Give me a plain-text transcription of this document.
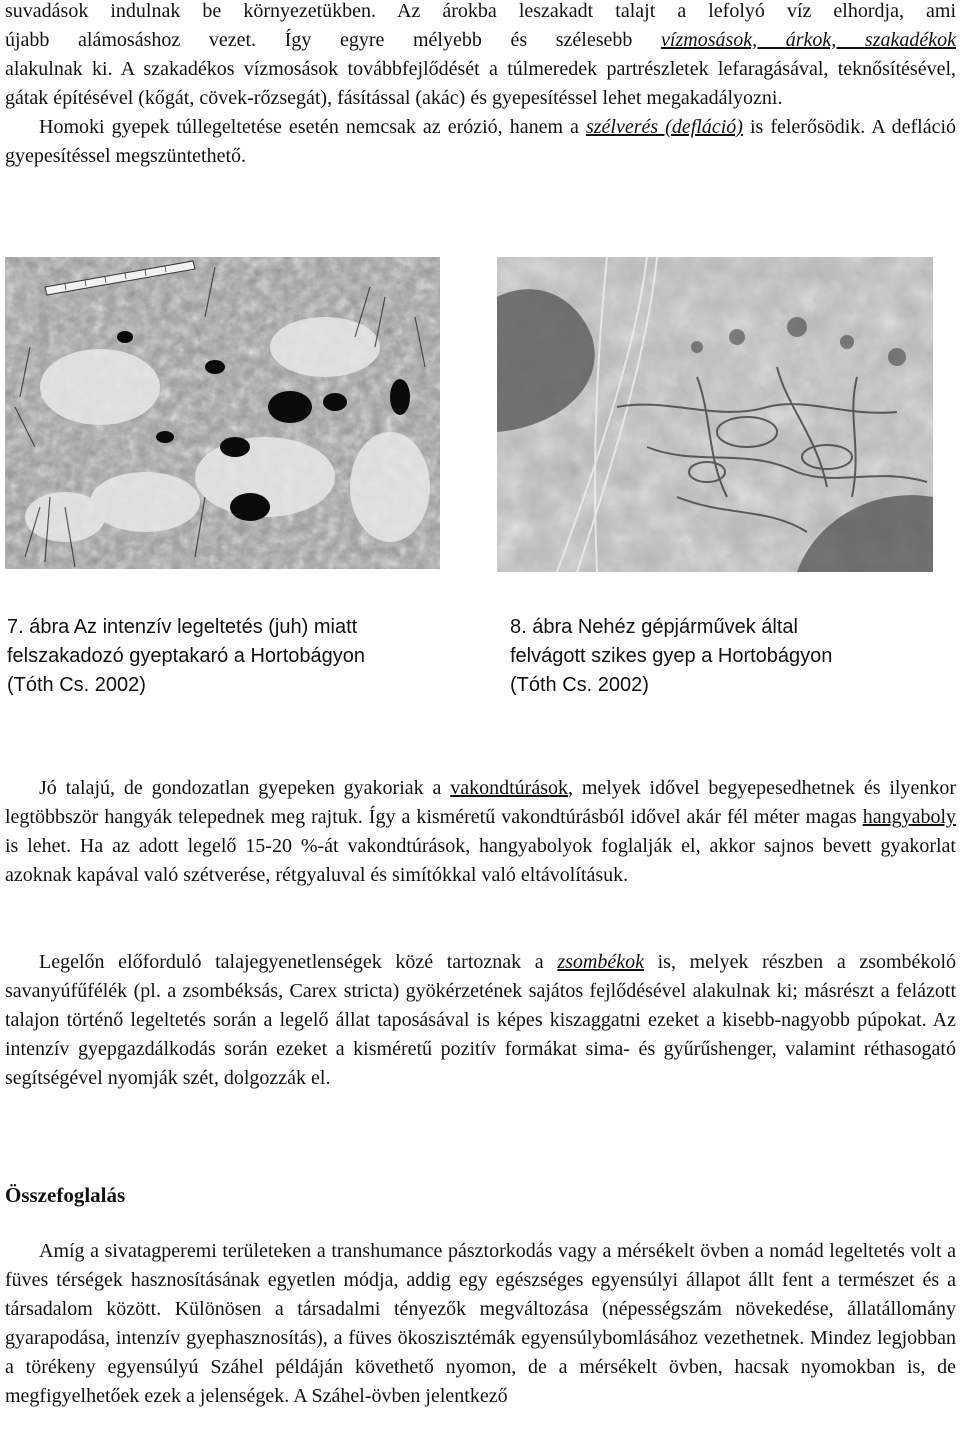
suvadások indulnak be környezetükben. Az árokba leszakadt talajt a lefolyó víz elhordja, ami

újabb alámosáshoz vezet. Így egyre mélyebb és szélesebb vízmosások, árkok, szakadékok

alakulnak ki. A szakadékos vízmosások továbbfejlődését a túlmeredek partrészletek lefaragásával, teknősítésével, gátak építésével (kőgát, cövek-rőzsegát), fásítással (akác) és gyepesítéssel lehet megakadályozni.

Homoki gyepek túllegeltetése esetén nemcsak az erózió, hanem a szélverés (defláció) is felerősödik. A defláció gyepesítéssel megszüntethető.

7. ábra Az intenzív legeltetés (juh) miatt
felszakadozó gyeptakaró a Hortobágyon
(Tóth Cs. 2002)
8. ábra Nehéz gépjárművek által
felvágott szikes gyep a Hortobágyon
(Tóth Cs. 2002)

Jó talajú, de gondozatlan gyepeken gyakoriak a vakondtúrások, melyek idővel begyepesedhetnek és ilyenkor legtöbbször hangyák telepednek meg rajtuk. Így a kisméretű vakondtúrásból idővel akár fél méter magas hangyaboly is lehet. Ha az adott legelő 15-20 %-át vakondtúrások, hangyabolyok foglalják el, akkor sajnos bevett gyakorlat azoknak kapával való szétverése, rétgyaluval és simítókkal való eltávolításuk.

Legelőn előforduló talajegyenetlenségek közé tartoznak a zsombékok is, melyek részben a zsombékoló savanyúfűfélék (pl. a zsombéksás, Carex stricta) gyökérzetének sajátos fejlődésével alakulnak ki; másrészt a felázott talajon történő legeltetés során a legelő állat taposásával is képes kiszaggatni ezeket a kisebb-nagyobb púpokat. Az intenzív gyepgazdálkodás során ezeket a kisméretű pozitív formákat sima- és gyűrűshenger, valamint réthasogató segítségével nyomják szét, dolgozzák el.

Összefoglalás

Amíg a sivatagperemi területeken a transhumance pásztorkodás vagy a mérsékelt övben a nomád legeltetés volt a füves térségek hasznosításának egyetlen módja, addig egy egészséges egyensúlyi állapot állt fent a természet és a társadalom között. Különösen a társadalmi tényezők megváltozása (népességszám növekedése, állatállomány gyarapodása, intenzív gyephasznosítás), a füves ökoszisztémák egyensúlybomlásához vezethetnek. Mindez legjobban a törékeny egyensúlyú Száhel példáján követhető nyomon, de a mérsékelt övben, hacsak nyomokban is, de megfigyelhetőek ezek a jelenségek. A Száhel-övben jelentkező
